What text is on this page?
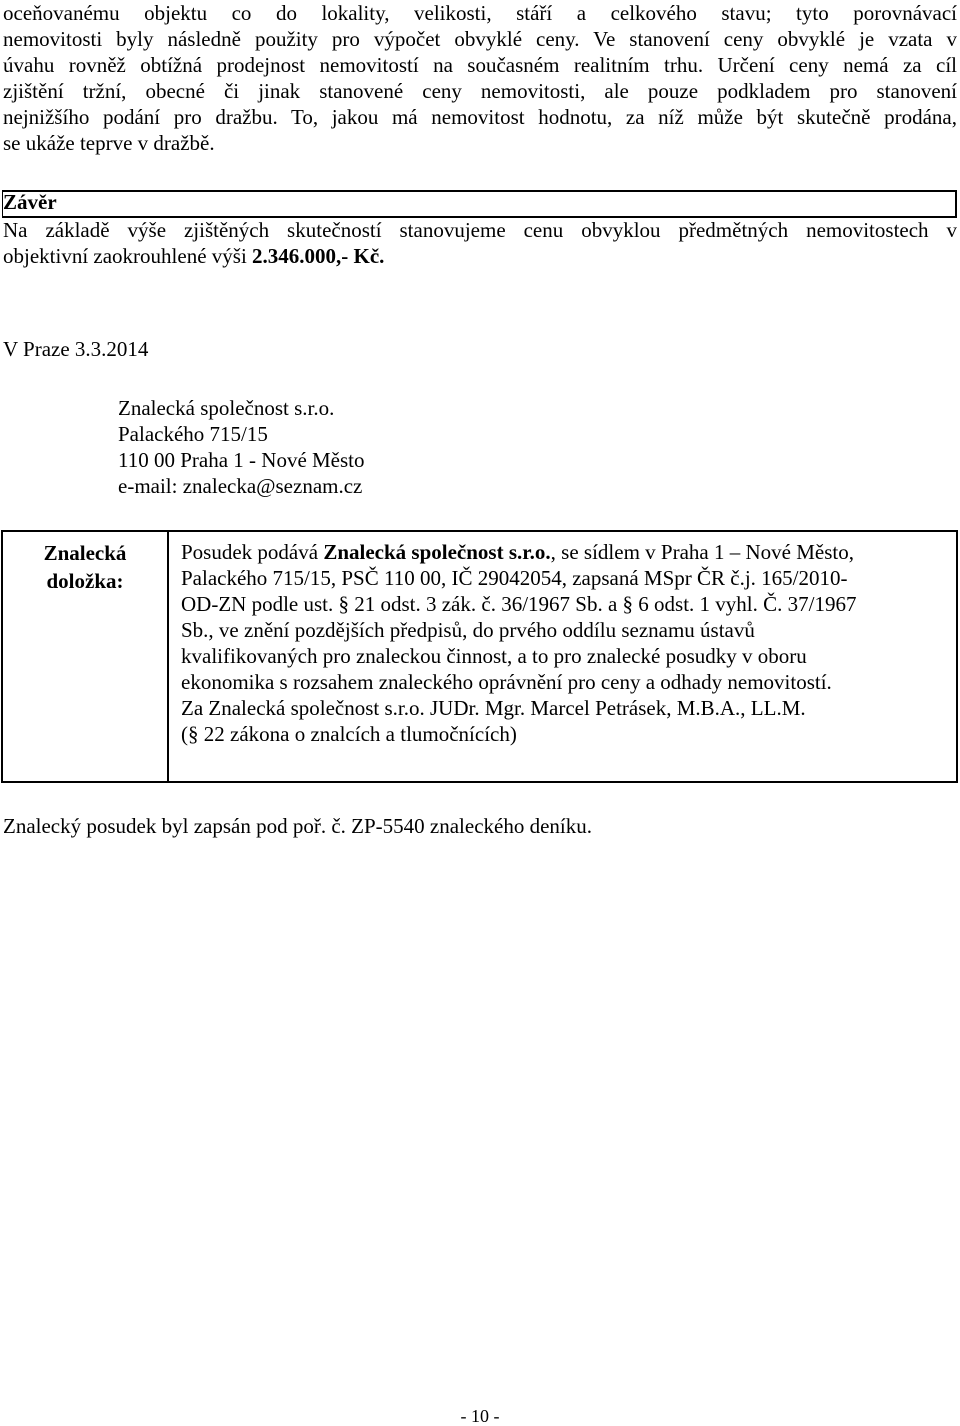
oceňovanému objektu co do lokality, velikosti, stáří a celkového stavu; tyto porovnávací
nemovitosti byly následně použity pro výpočet obvyklé ceny. Ve stanovení ceny obvyklé je vzata v
úvahu rovněž obtížná prodejnost nemovitostí na současném realitním trhu. Určení ceny nemá za cíl
zjištění tržní, obecné či jinak stanovené ceny nemovitosti, ale pouze podkladem pro stanovení
nejnižšího podání pro dražbu. To, jakou má nemovitost hodnotu, za níž může být skutečně prodána,
se ukáže teprve v dražbě.
Závěr
Na základě výše zjištěných skutečností stanovujeme cenu obvyklou předmětných nemovitostech v
objektivní zaokrouhlené výši 2.346.000,- Kč.
V Praze 3.3.2014
Znalecká společnost s.r.o.
Palackého 715/15
110 00 Praha 1 - Nové Město
e-mail: znalecka@seznam.cz
Znalecká
doložka:

Posudek podává Znalecká společnost s.r.o., se sídlem v Praha 1 – Nové Město,
Palackého 715/15, PSČ 110 00, IČ 29042054, zapsaná MSpr ČR č.j. 165/2010-
OD-ZN podle ust. § 21 odst. 3 zák. č. 36/1967 Sb. a § 6 odst. 1 vyhl. Č. 37/1967
Sb., ve znění pozdějších předpisů, do prvého oddílu seznamu ústavů
kvalifikovaných pro znaleckou činnost, a to pro znalecké posudky v oboru
ekonomika s rozsahem znaleckého oprávnění pro ceny a odhady nemovitostí.
Za Znalecká společnost s.r.o. JUDr. Mgr. Marcel Petrásek, M.B.A., LL.M.
(§ 22 zákona o znalcích a tlumočnících)
Znalecký posudek byl zapsán pod poř. č. ZP-5540 znaleckého deníku.
- 10 -
